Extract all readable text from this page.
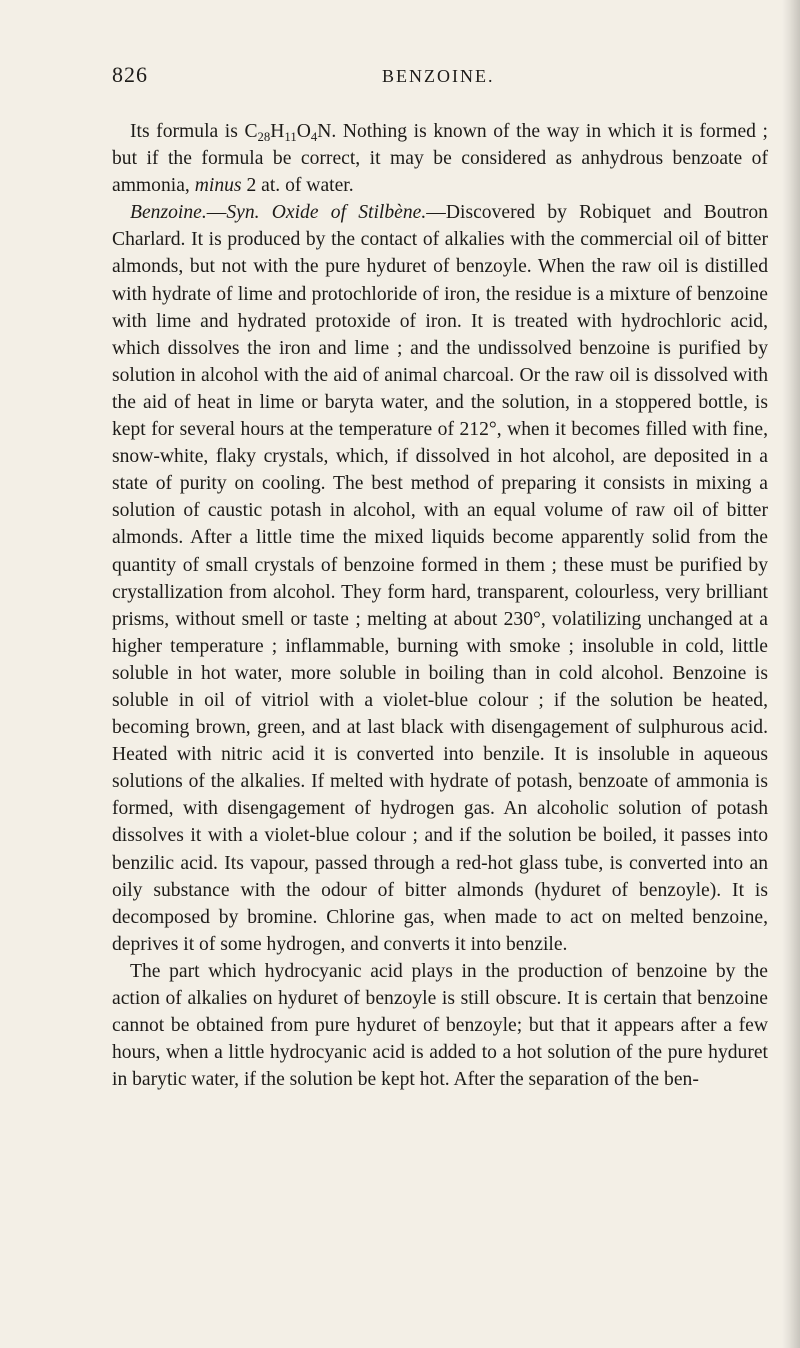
826	BENZOINE.

Its formula is $C_{28}H_{11}O_4N$. Nothing is known of the way in which it is formed ; but if the formula be correct, it may be considered as anhydrous benzoate of ammonia, minus 2 at. of water.

Benzoine.—Syn. Oxide of Stilbène.—Discovered by Robiquet and Boutron Charlard. It is produced by the contact of alkalies with the commercial oil of bitter almonds, but not with the pure hyduret of benzoyle. When the raw oil is distilled with hydrate of lime and protochloride of iron, the residue is a mixture of benzoine with lime and hydrated protoxide of iron. It is treated with hydrochloric acid, which dissolves the iron and lime ; and the undissolved benzoine is purified by solution in alcohol with the aid of animal charcoal. Or the raw oil is dissolved with the aid of heat in lime or baryta water, and the solution, in a stoppered bottle, is kept for several hours at the temperature of 212°, when it becomes filled with fine, snow-white, flaky crystals, which, if dissolved in hot alcohol, are deposited in a state of purity on cooling. The best method of preparing it consists in mixing a solution of caustic potash in alcohol, with an equal volume of raw oil of bitter almonds. After a little time the mixed liquids become apparently solid from the quantity of small crystals of benzoine formed in them ; these must be purified by crystallization from alcohol. They form hard, transparent, colourless, very brilliant prisms, without smell or taste ; melting at about 230°, volatilizing unchanged at a higher temperature ; inflammable, burning with smoke ; insoluble in cold, little soluble in hot water, more soluble in boiling than in cold alcohol. Benzoine is soluble in oil of vitriol with a violet-blue colour ; if the solution be heated, becoming brown, green, and at last black with disengagement of sulphurous acid. Heated with nitric acid it is converted into benzile. It is insoluble in aqueous solutions of the alkalies. If melted with hydrate of potash, benzoate of ammonia is formed, with disengagement of hydrogen gas. An alcoholic solution of potash dissolves it with a violet-blue colour ; and if the solution be boiled, it passes into benzilic acid. Its vapour, passed through a red-hot glass tube, is converted into an oily substance with the odour of bitter almonds (hyduret of benzoyle). It is decomposed by bromine. Chlorine gas, when made to act on melted benzoine, deprives it of some hydrogen, and converts it into benzile.

The part which hydrocyanic acid plays in the production of benzoine by the action of alkalies on hyduret of benzoyle is still obscure. It is certain that benzoine cannot be obtained from pure hyduret of benzoyle; but that it appears after a few hours, when a little hydrocyanic acid is added to a hot solution of the pure hyduret in barytic water, if the solution be kept hot. After the separation of the ben-
